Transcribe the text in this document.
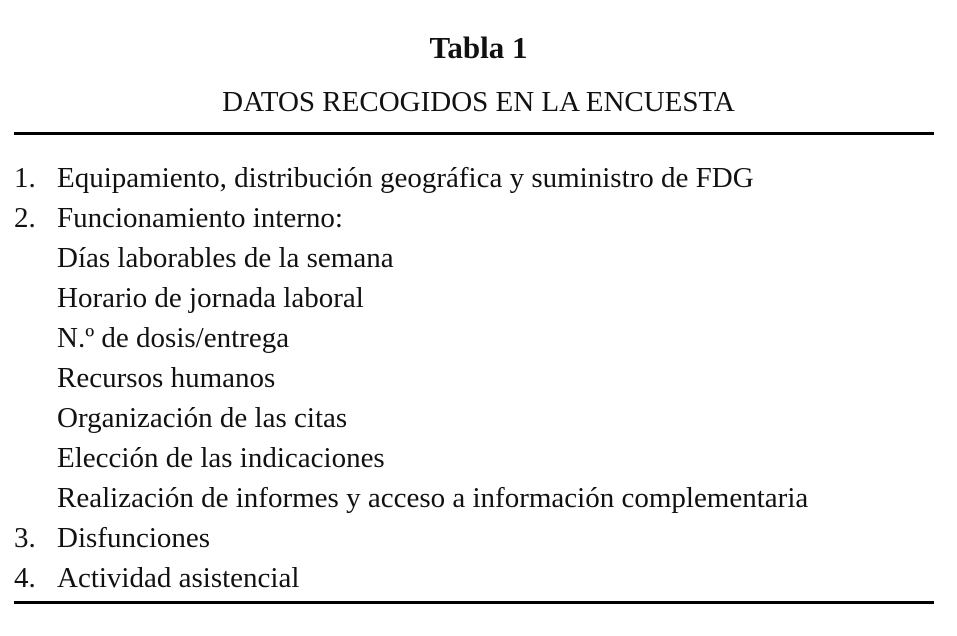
Tabla 1
DATOS RECOGIDOS EN LA ENCUESTA
1. Equipamiento, distribución geográfica y suministro de FDG
2. Funcionamiento interno:
Días laborables de la semana
Horario de jornada laboral
N.º de dosis/entrega
Recursos humanos
Organización de las citas
Elección de las indicaciones
Realización de informes y acceso a información complementaria
3. Disfunciones
4. Actividad asistencial
